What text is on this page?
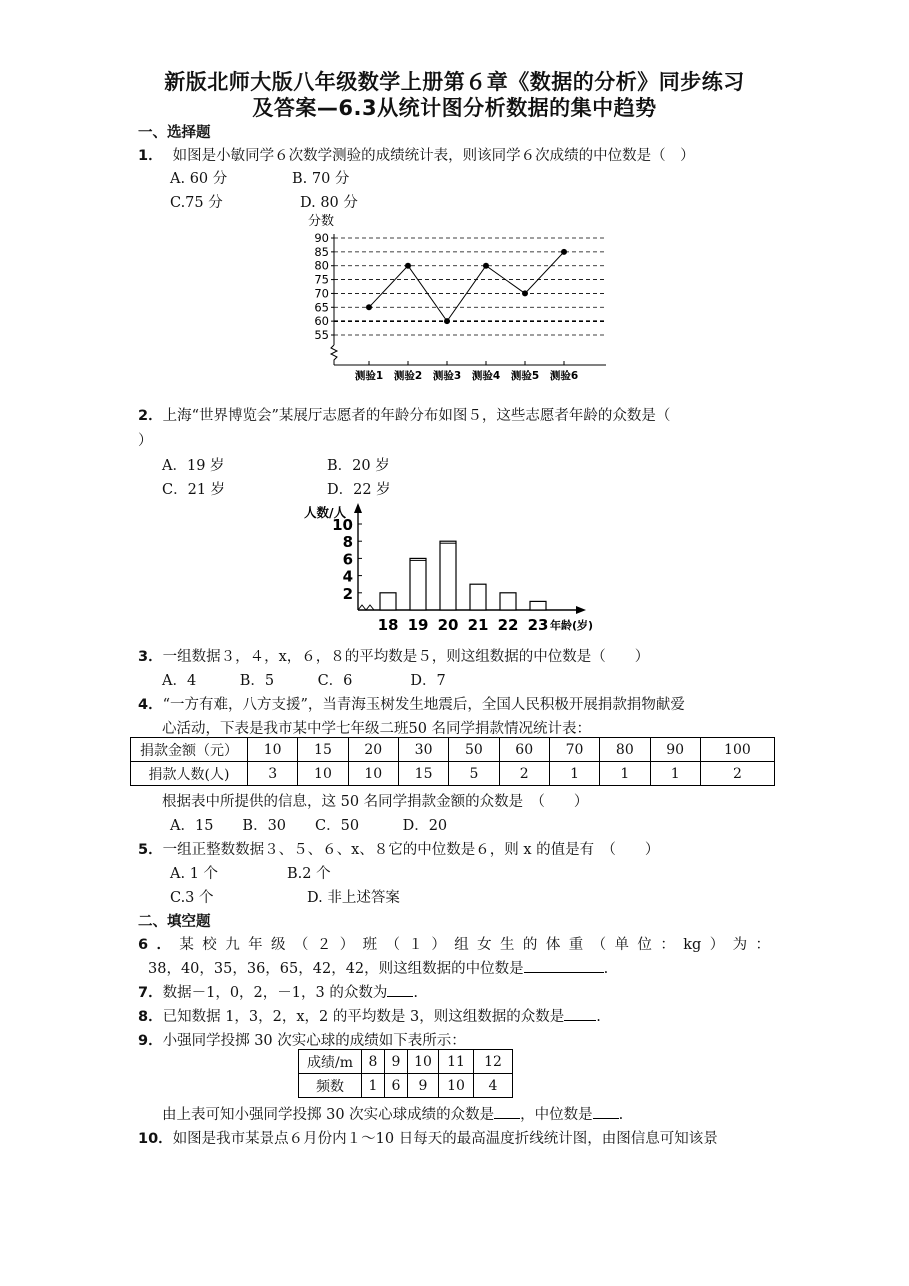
新版北师大版八年级数学上册第６章《数据的分析》同步练习
及答案—6.3从统计图分析数据的集中趋势
一、选择题
1． 如图是小敏同学６次数学测验的成绩统计表，则该同学６次成绩的中位数是（　）
A. 60 分	B. 70 分
C.75 分	D. 80 分
分数
55
60
65
70
75
80
85
90
测验1 测验2 测验3 测验4 测验5 测验6
2．上海“世界博览会”某展厅志愿者的年龄分布如图５，这些志愿者年龄的众数是（
）
A．19 岁	B．20 岁
C．21 岁	D．22 岁
人数/人
2
4
6
8
10
18 19 20 21 22 23 年龄(岁)
3．一组数据３，４，x，６，８的平均数是５，则这组数据的中位数是（　　）
A．4　　　B．5　　　C．6　　　　D．7
4．“一方有难，八方支援”，当青海玉树发生地震后，全国人民积极开展捐款捐物献爱
心活动，下表是我市某中学七年级二班50 名同学捐款情况统计表：
捐款金额（元）	10	15	20	30	50	60	70	80	90	100
捐款人数(人)	3	10	10	15	5	2	1	1	1	2
根据表中所提供的信息，这 50 名同学捐款金额的众数是　（　　）
A．15　　B．30　　C．50　　　D．20
5．一组正整数数据３、５、６、x、８它的中位数是６，则 x 的值是有　（　　）
A. 1 个	B.2 个
C.3 个	D. 非上述答案
二、填空题
6．某校九年级（２）班（１）组女生的体重（单位：kg）为：
38，40，35，36，65，42，42，则这组数据的中位数是	.
7．数据－1，0，2，－1，3 的众数为 .
8．已知数据 1，3，2，x，2 的平均数是 3，则这组数据的众数是 .
9．小强同学投掷 30 次实心球的成绩如下表所示：
成绩/m	8	9	10	11	12
频数	1	6	9	10	4
由上表可知小强同学投掷 30 次实心球成绩的众数是 ，中位数是 .
10．如图是我市某景点６月份内１～10 日每天的最高温度折线统计图，由图信息可知该景
